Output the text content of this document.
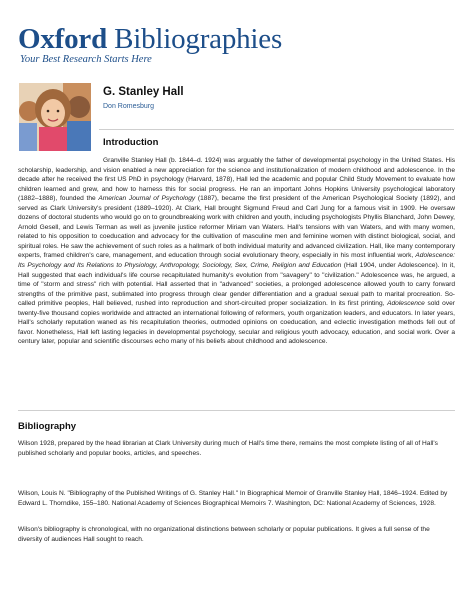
Oxford Bibliographies
Your Best Research Starts Here
G. Stanley Hall
Don Romesburg
Introduction

Granville Stanley Hall (b. 1844–d. 1924) was arguably the father of developmental psychology in the United States. His scholarship, leadership, and vision enabled a new appreciation for the science and institutionalization of modern childhood and adolescence. In the decade after he received the first US PhD in psychology (Harvard, 1878), Hall led the academic and popular Child Study Movement to evaluate how children learned and grew, and how to harness this for social progress. He ran an important Johns Hopkins University psychological laboratory (1882–1888), founded the American Journal of Psychology (1887), became the first president of the American Psychological Society (1892), and served as Clark University's president (1889–1920). At Clark, Hall brought Sigmund Freud and Carl Jung for a famous visit in 1909. He oversaw dozens of doctoral students who would go on to groundbreaking work with children and youth, including psychologists Phyllis Blanchard, John Dewey, Arnold Gesell, and Lewis Terman as well as juvenile justice reformer Miriam van Waters. Hall's tensions with van Waters, and with many women, related to his opposition to coeducation and advocacy for the cultivation of masculine men and feminine women with distinct biological, social, and spiritual roles. He saw the achievement of such roles as a hallmark of both individual maturity and advanced civilization. Hall, like many contemporary experts, framed children's care, management, and education through social evolutionary theory, especially in his most influential work, Adolescence: Its Psychology and Its Relations to Physiology, Anthropology, Sociology, Sex, Crime, Religion and Education (Hall 1904, under Adolescence). In it, Hall suggested that each individual's life course recapitulated humanity's evolution from "savagery" to "civilization." Adolescence was, he argued, a time of "storm and stress" rich with potential. Hall asserted that in "advanced" societies, a prolonged adolescence allowed youth to carry forward strengths of the primitive past, sublimated into progress through clear gender differentiation and a gradual sexual path to marital procreation. So-called primitive peoples, Hall believed, rushed into reproduction and short-circuited proper socialization. In its first printing, Adolescence sold over twenty-five thousand copies worldwide and attracted an international following of reformers, youth organization leaders, and educators. In later years, Hall's scholarly reputation waned as his recapitulation theories, outmoded opinions on coeducation, and eclectic investigation methods fell out of favor. Nonetheless, Hall left lasting legacies in developmental psychology, secular and religious youth advocacy, education, and social work. Over a century later, popular and scientific discourses echo many of his beliefs about childhood and adolescence.

Bibliography

Wilson 1928, prepared by the head librarian at Clark University during much of Hall's time there, remains the most complete listing of all of Hall's published scholarly and popular books, articles, and speeches.

Wilson, Louis N. "Bibliography of the Published Writings of G. Stanley Hall." In Biographical Memoir of Granville Stanley Hall, 1846–1924. Edited by Edward L. Thorndike, 155–180. National Academy of Sciences Biographical Memoirs 7. Washington, DC: National Academy of Sciences, 1928.

Wilson's bibliography is chronological, with no organizational distinctions between scholarly or popular publications. It gives a full sense of the diversity of audiences Hall sought to reach.
